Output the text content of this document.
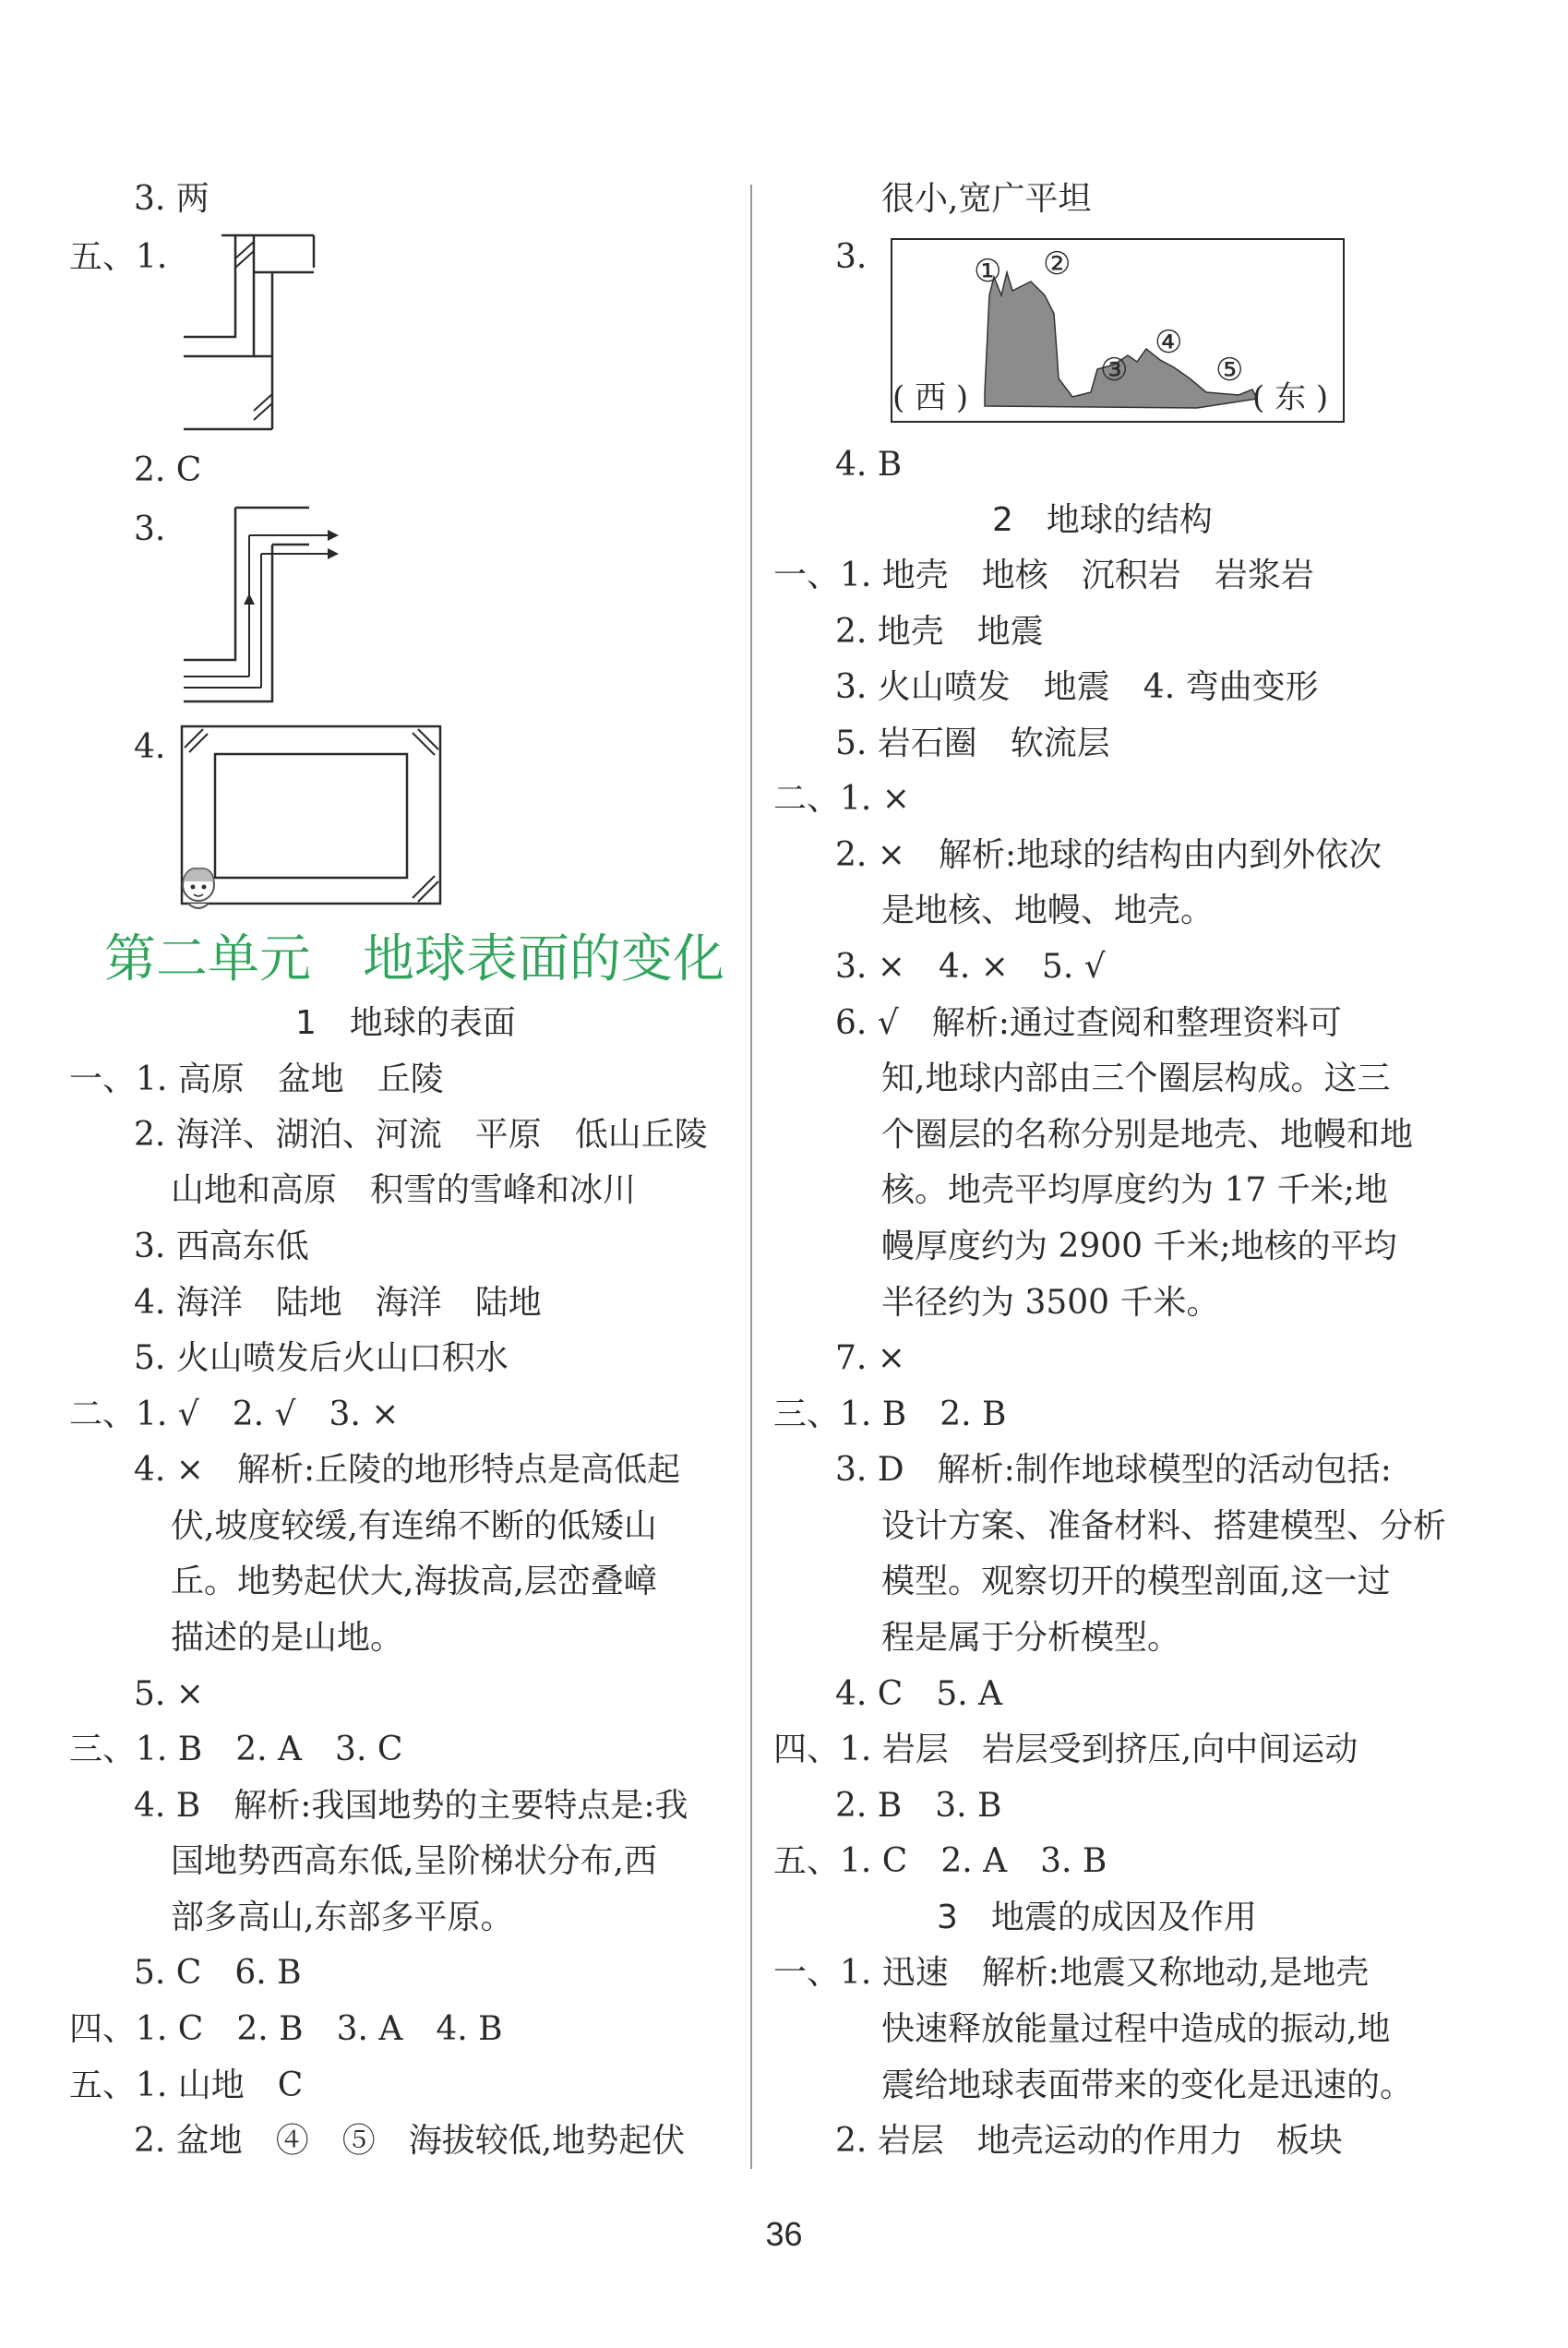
3. 两
五、1.
2. C
3.
4.
第二单元　地球表面的变化
1　地球的表面
一、1. 高原　盆地　丘陵
2. 海洋、湖泊、河流　平原　低山丘陵
山地和高原　积雪的雪峰和冰川
3. 西高东低
4. 海洋　陆地　海洋　陆地
5. 火山喷发后火山口积水
二、1. √　2. √　3. ×
4. ×　解析:丘陵的地形特点是高低起
伏,坡度较缓,有连绵不断的低矮山
丘。地势起伏大,海拔高,层峦叠嶂
描述的是山地。
5. ×
三、1. B　2. A　3. C
4. B　解析:我国地势的主要特点是:我
国地势西高东低,呈阶梯状分布,西
部多高山,东部多平原。
5. C　6. B
四、1. C　2. B　3. A　4. B
五、1. 山地　C
2. 盆地　④　⑤　海拔较低,地势起伏
很小,宽广平坦
3.
( 西 )	( 东 )
① ②
③
④
⑤
4. B
2　地球的结构
一、1. 地壳　地核　沉积岩　岩浆岩
2. 地壳　地震
3. 火山喷发　地震　4. 弯曲变形
5. 岩石圈　软流层
二、1. ×
2. ×　解析:地球的结构由内到外依次
是地核、地幔、地壳。
3. ×　4. ×　5. √
6. √　解析:通过查阅和整理资料可
知,地球内部由三个圈层构成。这三
个圈层的名称分别是地壳、地幔和地
核。地壳平均厚度约为 17 千米;地
幔厚度约为 2900 千米;地核的平均
半径约为 3500 千米。
7. ×
三、1. B　2. B
3. D　解析:制作地球模型的活动包括:
设计方案、准备材料、搭建模型、分析
模型。观察切开的模型剖面,这一过
程是属于分析模型。
4. C　5. A
四、1. 岩层　岩层受到挤压,向中间运动
2. B　3. B
五、1. C　2. A　3. B
3　地震的成因及作用
一、1. 迅速　解析:地震又称地动,是地壳
快速释放能量过程中造成的振动,地
震给地球表面带来的变化是迅速的。
2. 岩层　地壳运动的作用力　板块
36
